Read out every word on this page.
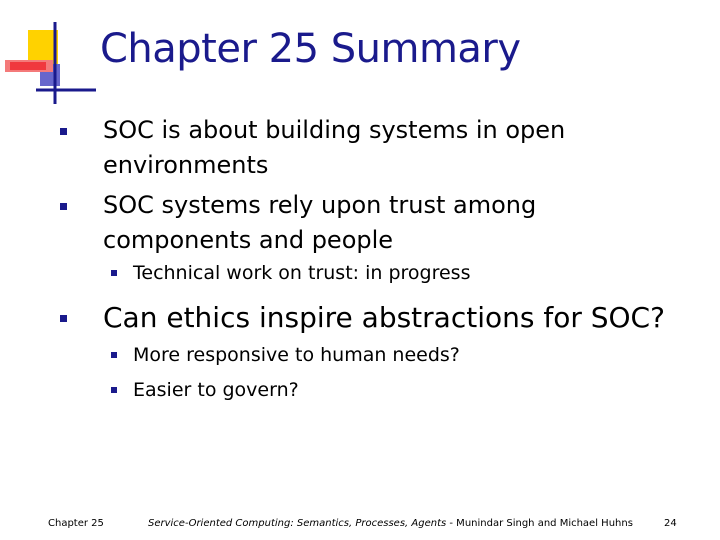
Chapter 25 Summary
SOC is about building systems in open
environments
SOC systems rely upon trust among
components and people
Technical work on trust: in progress
Can ethics inspire abstractions for SOC?
More responsive to human needs?
Easier to govern?
Chapter 25	Service-Oriented Computing: Semantics, Processes, Agents - Munindar Singh and Michael Huhns	24
